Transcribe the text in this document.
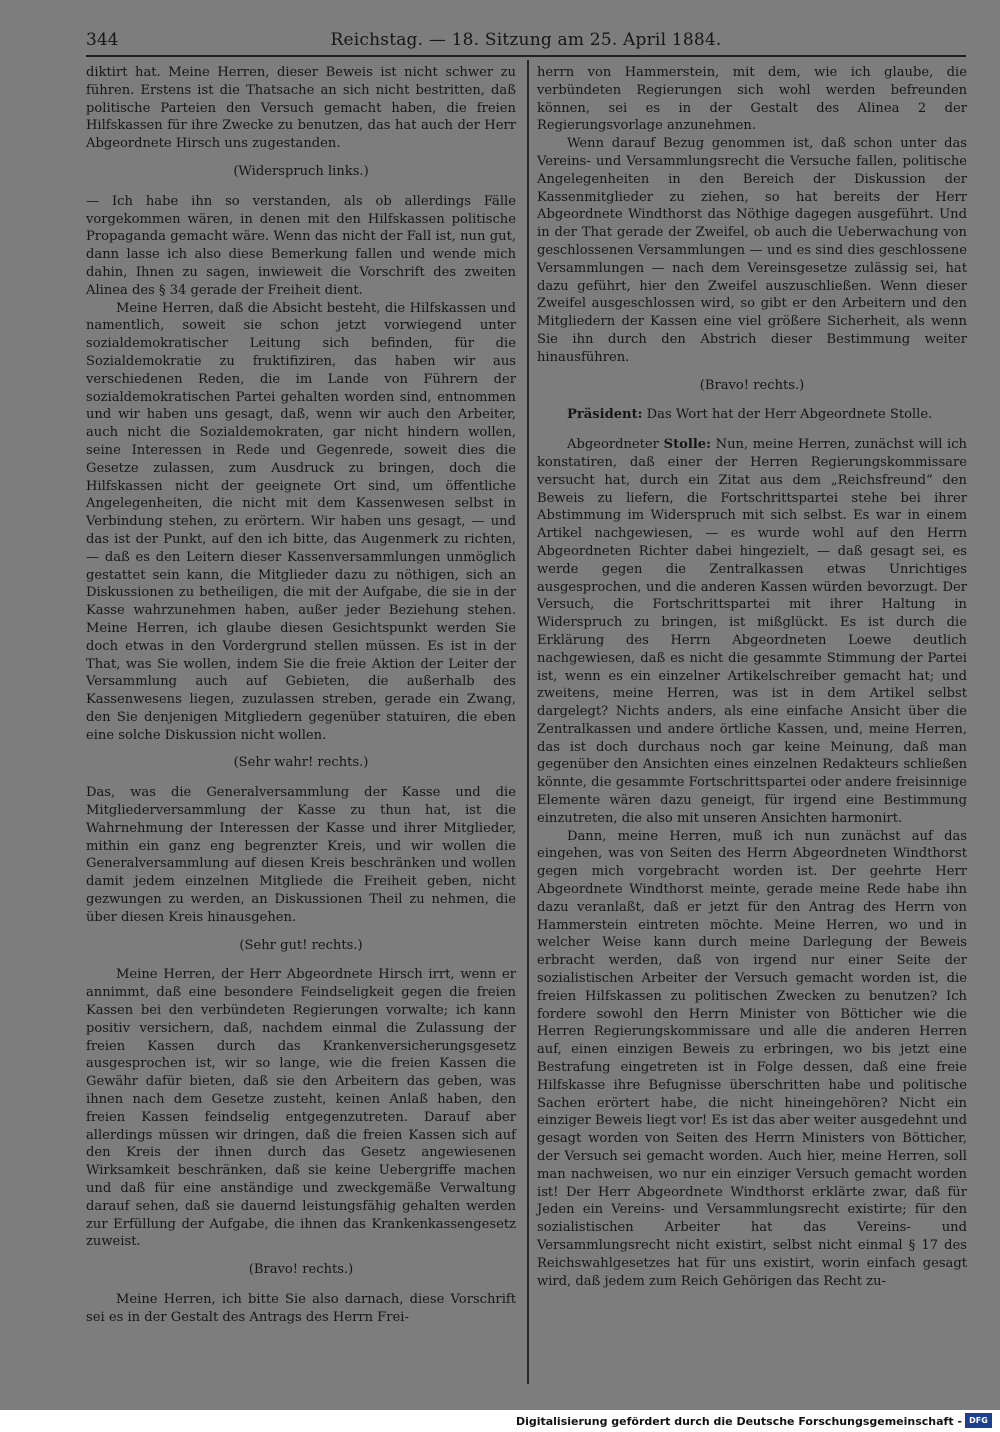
344	Reichstag. — 18. Sitzung am 25. April 1884.

diktirt hat. Meine Herren, dieser Beweis ist nicht schwer zu führen. Erstens ist die Thatsache an sich nicht bestritten, daß politische Parteien den Versuch gemacht haben, die freien Hilfskassen für ihre Zwecke zu benutzen, das hat auch der Herr Abgeordnete Hirsch uns zugestanden.

(Widerspruch links.)

— Ich habe ihn so verstanden, als ob allerdings Fälle vorgekommen wären, in denen mit den Hilfskassen politische Propaganda gemacht wäre. Wenn das nicht der Fall ist, nun gut, dann lasse ich also diese Bemerkung fallen und wende mich dahin, Ihnen zu sagen, inwieweit die Vorschrift des zweiten Alinea des § 34 gerade der Freiheit dient.

Meine Herren, daß die Absicht besteht, die Hilfskassen und namentlich, soweit sie schon jetzt vorwiegend unter sozialdemokratischer Leitung sich befinden, für die Sozialdemokratie zu fruktifiziren, das haben wir aus verschiedenen Reden, die im Lande von Führern der sozialdemokratischen Partei gehalten worden sind, entnommen und wir haben uns gesagt, daß, wenn wir auch den Arbeiter, auch nicht die Sozialdemokraten, gar nicht hindern wollen, seine Interessen in Rede und Gegenrede, soweit dies die Gesetze zulassen, zum Ausdruck zu bringen, doch die Hilfskassen nicht der geeignete Ort sind, um öffentliche Angelegenheiten, die nicht mit dem Kassenwesen selbst in Verbindung stehen, zu erörtern. Wir haben uns gesagt, — und das ist der Punkt, auf den ich bitte, das Augenmerk zu richten, — daß es den Leitern dieser Kassenversammlungen unmöglich gestattet sein kann, die Mitglieder dazu zu nöthigen, sich an Diskussionen zu betheiligen, die mit der Aufgabe, die sie in der Kasse wahrzunehmen haben, außer jeder Beziehung stehen. Meine Herren, ich glaube diesen Gesichtspunkt werden Sie doch etwas in den Vordergrund stellen müssen. Es ist in der That, was Sie wollen, indem Sie die freie Aktion der Leiter der Versammlung auch auf Gebieten, die außerhalb des Kassenwesens liegen, zuzulassen streben, gerade ein Zwang, den Sie denjenigen Mitgliedern gegenüber statuiren, die eben eine solche Diskussion nicht wollen.

(Sehr wahr! rechts.)

Das, was die Generalversammlung der Kasse und die Mitgliederversammlung der Kasse zu thun hat, ist die Wahrnehmung der Interessen der Kasse und ihrer Mitglieder, mithin ein ganz eng begrenzter Kreis, und wir wollen die Generalversammlung auf diesen Kreis beschränken und wollen damit jedem einzelnen Mitgliede die Freiheit geben, nicht gezwungen zu werden, an Diskussionen Theil zu nehmen, die über diesen Kreis hinausgehen.

(Sehr gut! rechts.)

Meine Herren, der Herr Abgeordnete Hirsch irrt, wenn er annimmt, daß eine besondere Feindseligkeit gegen die freien Kassen bei den verbündeten Regierungen vorwalte; ich kann positiv versichern, daß, nachdem einmal die Zulassung der freien Kassen durch das Krankenversicherungsgesetz ausgesprochen ist, wir so lange, wie die freien Kassen die Gewähr dafür bieten, daß sie den Arbeitern das geben, was ihnen nach dem Gesetze zusteht, keinen Anlaß haben, den freien Kassen feindselig entgegenzutreten. Darauf aber allerdings müssen wir dringen, daß die freien Kassen sich auf den Kreis der ihnen durch das Gesetz angewiesenen Wirksamkeit beschränken, daß sie keine Uebergriffe machen und daß für eine anständige und zweckgemäße Verwaltung darauf sehen, daß sie dauernd leistungsfähig gehalten werden zur Erfüllung der Aufgabe, die ihnen das Krankenkassengesetz zuweist.

(Bravo! rechts.)

Meine Herren, ich bitte Sie also darnach, diese Vorschrift sei es in der Gestalt des Antrags des Herrn Frei-

herrn von Hammerstein, mit dem, wie ich glaube, die verbündeten Regierungen sich wohl werden befreunden können, sei es in der Gestalt des Alinea 2 der Regierungsvorlage anzunehmen.

Wenn darauf Bezug genommen ist, daß schon unter das Vereins- und Versammlungsrecht die Versuche fallen, politische Angelegenheiten in den Bereich der Diskussion der Kassenmitglieder zu ziehen, so hat bereits der Herr Abgeordnete Windthorst das Nöthige dagegen ausgeführt. Und in der That gerade der Zweifel, ob auch die Ueberwachung von geschlossenen Versammlungen — und es sind dies geschlossene Versammlungen — nach dem Vereinsgesetze zulässig sei, hat dazu geführt, hier den Zweifel auszuschließen. Wenn dieser Zweifel ausgeschlossen wird, so gibt er den Arbeitern und den Mitgliedern der Kassen eine viel größere Sicherheit, als wenn Sie ihn durch den Abstrich dieser Bestimmung weiter hinausführen.

(Bravo! rechts.)

Präsident: Das Wort hat der Herr Abgeordnete Stolle.

Abgeordneter Stolle: Nun, meine Herren, zunächst will ich konstatiren, daß einer der Herren Regierungskommissare versucht hat, durch ein Zitat aus dem „Reichsfreund“ den Beweis zu liefern, die Fortschrittspartei stehe bei ihrer Abstimmung im Widerspruch mit sich selbst. Es war in einem Artikel nachgewiesen, — es wurde wohl auf den Herrn Abgeordneten Richter dabei hingezielt, — daß gesagt sei, es werde gegen die Zentralkassen etwas Unrichtiges ausgesprochen, und die anderen Kassen würden bevorzugt. Der Versuch, die Fortschrittspartei mit ihrer Haltung in Widerspruch zu bringen, ist mißglückt. Es ist durch die Erklärung des Herrn Abgeordneten Loewe deutlich nachgewiesen, daß es nicht die gesammte Stimmung der Partei ist, wenn es ein einzelner Artikelschreiber gemacht hat; und zweitens, meine Herren, was ist in dem Artikel selbst dargelegt? Nichts anders, als eine einfache Ansicht über die Zentralkassen und andere örtliche Kassen, und, meine Herren, das ist doch durchaus noch gar keine Meinung, daß man gegenüber den Ansichten eines einzelnen Redakteurs schließen könnte, die gesammte Fortschrittspartei oder andere freisinnige Elemente wären dazu geneigt, für irgend eine Bestimmung einzutreten, die also mit unseren Ansichten harmonirt.

Dann, meine Herren, muß ich nun zunächst auf das eingehen, was von Seiten des Herrn Abgeordneten Windthorst gegen mich vorgebracht worden ist. Der geehrte Herr Abgeordnete Windthorst meinte, gerade meine Rede habe ihn dazu veranlaßt, daß er jetzt für den Antrag des Herrn von Hammerstein eintreten möchte. Meine Herren, wo und in welcher Weise kann durch meine Darlegung der Beweis erbracht werden, daß von irgend nur einer Seite der sozialistischen Arbeiter der Versuch gemacht worden ist, die freien Hilfskassen zu politischen Zwecken zu benutzen? Ich fordere sowohl den Herrn Minister von Bötticher wie die Herren Regierungskommissare und alle die anderen Herren auf, einen einzigen Beweis zu erbringen, wo bis jetzt eine Bestrafung eingetreten ist in Folge dessen, daß eine freie Hilfskasse ihre Befugnisse überschritten habe und politische Sachen erörtert habe, die nicht hineingehören? Nicht ein einziger Beweis liegt vor! Es ist das aber weiter ausgedehnt und gesagt worden von Seiten des Herrn Ministers von Bötticher, der Versuch sei gemacht worden. Auch hier, meine Herren, soll man nachweisen, wo nur ein einziger Versuch gemacht worden ist! Der Herr Abgeordnete Windthorst erklärte zwar, daß für Jeden ein Vereins- und Versammlungsrecht existirte; für den sozialistischen Arbeiter hat das Vereins- und Versammlungsrecht nicht existirt, selbst nicht einmal § 17 des Reichswahlgesetzes hat für uns existirt, worin einfach gesagt wird, daß jedem zum Reich Gehörigen das Recht zu-

Digitalisierung gefördert durch die Deutsche Forschungsgemeinschaft - DFG
